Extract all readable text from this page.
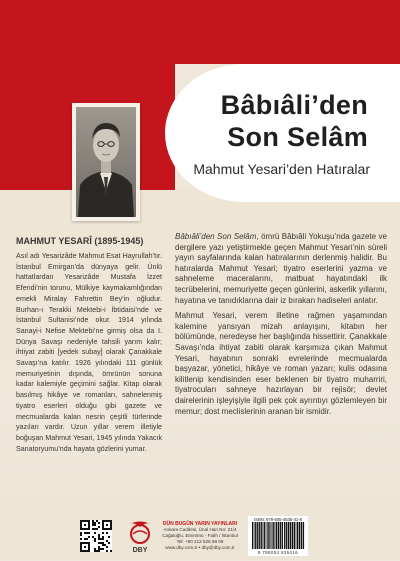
Bâbıâli’den
Son Selâm
Mahmut Yesari’den Hatıralar
MAHMUT YESARÎ (1895-1945)

Asıl adı Yesarizâde Mahmut Esat Hayrullah’tır. İstanbul Emirgan’da dünyaya gelir. Ünlü hattatlardan Yesarizâde Mustafa İzzet Efendi’nin torunu, Mülkiye kaymakamlığından emekli Miralay Fahrettin Bey’in oğludur. Burhan-ı Terakki Mektebi-i İbtidaisi’nde ve İstanbul Sultanisi’nde okur. 1914 yılında Sanayi-i Nefise Mektebi’ne girmiş olsa da I. Dünya Savaşı nedeniyle tahsili yarım kalır; ihtiyat zabiti [yedek subay] olarak Çanakkale Savaşı’na katılır. 1926 yılındaki 111 günlük memuriyetinin dışında, ömrünün sonuna kadar kalemiyle geçimini sağlar. Kitap olarak basılmış hikâye ve romanları, sahnelenmiş tiyatro eserleri olduğu gibi gazete ve mecmualarda kalan nesrin çeşitli türlerinde yazıları vardır. Uzun yıllar verem illetiyle boğuşan Mahmut Yesari, 1945 yılında Yakacık Sanatoryumu’nda hayata gözlerini yumar.

Bâbıâli’den Son Selâm, ömrü Bâbıâli Yokuşu’nda gazete ve dergilere yazı yetiştirmekle geçen Mahmut Yesari’nin süreli yayın sayfalarında kalan hatıralarının derlenmiş halidir. Bu hatıralarda Mahmut Yesari; tiyatro eserlerini yazma ve sahneleme maceralarını, matbuat hayatındaki ilk tecrübelerini, memuriyette geçen günlerini, askerlik yıllarını, hayatına ve tanıdıklarına dair iz bırakan hadiseleri anlatır.

Mahmut Yesari, verem illetine rağmen yaşamından kalemine yansıyan mizah anlayışını, kitabın her bölümünde, neredeyse her başlığında hissettirir. Çanakkale Savaşı’nda ihtiyat zabiti olarak karşımıza çıkan Mahmut Yesari, hayatının sonraki evrelerinde mecmualarda başyazar, yönetici, hikâye ve roman yazarı; kulis odasına kilitlenip kendisinden eser beklenen bir tiyatro muharriri, tiyatrocuları sahneye hazırlayan bir rejisör; devlet dairelerinin işleyişiyle ilgili pek çok ayrıntıyı gözlemleyen bir memur; dost meclislerinin aranan bir ismidir.

DBY
DÜN BUGÜN YARIN YAYINLARI
Ankara Caddesi, Ünal Han No: 21/4
Cağaloğlu, Eminönü - Fatih / İstanbul
Tel: +90 212 526 98 06
www.dby.com.tr • dby@dby.com.tr
ISBN: 978-605-4635-41-6
9 786054 635416
